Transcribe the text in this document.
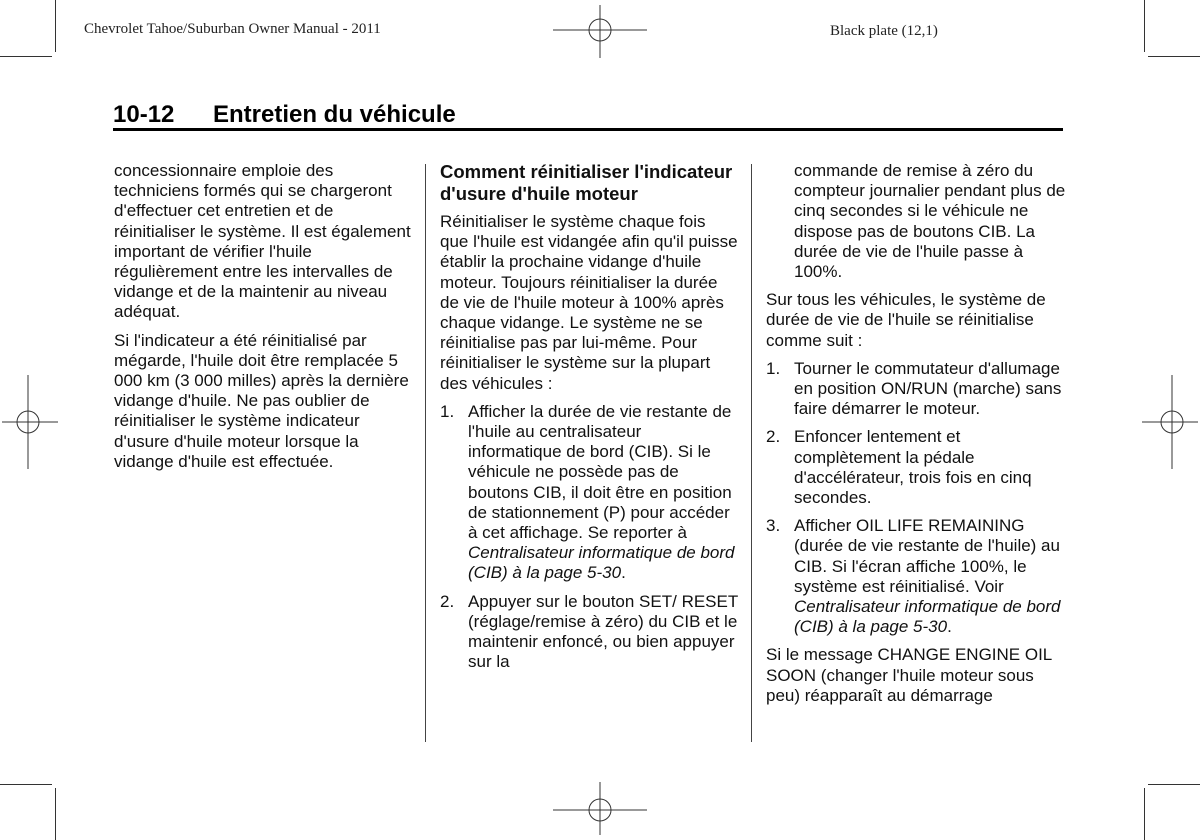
Chevrolet Tahoe/Suburban Owner Manual - 2011	Black plate (12,1)
10-12 Entretien du véhicule

concessionnaire emploie des techniciens formés qui se chargeront d'effectuer cet entretien et de réinitialiser le système. Il est également important de vérifier l'huile régulièrement entre les intervalles de vidange et de la maintenir au niveau adéquat.

Si l'indicateur a été réinitialisé par mégarde, l'huile doit être remplacée 5 000 km (3 000 milles) après la dernière vidange d'huile. Ne pas oublier de réinitialiser le système indicateur d'usure d'huile moteur lorsque la vidange d'huile est effectuée.

Comment réinitialiser l'indicateur d'usure d'huile moteur

Réinitialiser le système chaque fois que l'huile est vidangée afin qu'il puisse établir la prochaine vidange d'huile moteur. Toujours réinitialiser la durée de vie de l'huile moteur à 100% après chaque vidange. Le système ne se réinitialise pas par lui-même. Pour réinitialiser le système sur la plupart des véhicules :

1. Afficher la durée de vie restante de l'huile au centralisateur informatique de bord (CIB). Si le véhicule ne possède pas de boutons CIB, il doit être en position de stationnement (P) pour accéder à cet affichage. Se reporter à Centralisateur informatique de bord (CIB) à la page 5‑30.
2. Appuyer sur le bouton SET/ RESET (réglage/remise à zéro) du CIB et le maintenir enfoncé, ou bien appuyer sur la

commande de remise à zéro du compteur journalier pendant plus de cinq secondes si le véhicule ne dispose pas de boutons CIB. La durée de vie de l'huile passe à 100%.

Sur tous les véhicules, le système de durée de vie de l'huile se réinitialise comme suit :

1. Tourner le commutateur d'allumage en position ON/RUN (marche) sans faire démarrer le moteur.
2. Enfoncer lentement et complètement la pédale d'accélérateur, trois fois en cinq secondes.
3. Afficher OIL LIFE REMAINING (durée de vie restante de l'huile) au CIB. Si l'écran affiche 100%, le système est réinitialisé. Voir Centralisateur informatique de bord (CIB) à la page 5‑30.

Si le message CHANGE ENGINE OIL SOON (changer l'huile moteur sous peu) réapparaît au démarrage
